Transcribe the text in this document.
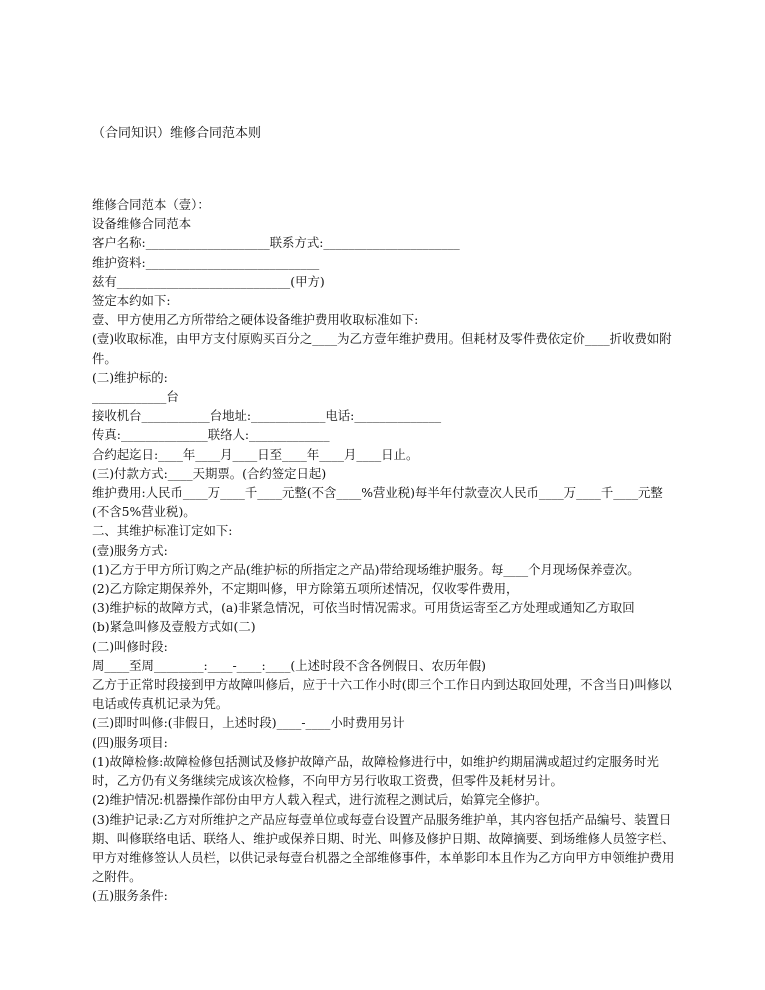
（合同知识）维修合同范本则

维修合同范本（壹）：

设备维修合同范本

客户名称:____________________联系方式:______________________

维护资料:____________________________

兹有____________________________(甲方)

签定本约如下:

壹、甲方使用乙方所带给之硬体设备维护费用收取标准如下:

(壹)收取标准，由甲方支付原购买百分之____为乙方壹年维护费用。但耗材及零件费依定价____折收费如附件。

(二)维护标的:

____________台

接收机台___________台地址:____________电话:______________

传真:______________联络人:_____________

合约起迄日:____年____月____日至____年____月____日止。

(三)付款方式:____天期票。(合约签定日起)

维护费用:人民币____万____千____元整(不含____%营业税)每半年付款壹次人民币____万____千____元整(不含5%营业税)。

二、其维护标准订定如下:

(壹)服务方式:

(1)乙方于甲方所订购之产品(维护标的所指定之产品)带给现场维护服务。每____个月现场保养壹次。

(2)乙方除定期保养外，不定期叫修，甲方除第五项所述情况，仅收零件费用，

(3)维护标的故障方式，(a)非紧急情况，可依当时情况需求。可用货运寄至乙方处理或通知乙方取回

(b)紧急叫修及壹般方式如(二)

(二)叫修时段:

周____至周________:____-____:____(上述时段不含各例假日、农历年假)

乙方于正常时段接到甲方故障叫修后，应于十六工作小时(即三个工作日内到达取回处理，不含当日)叫修以电话或传真机记录为凭。

(三)即时叫修:(非假日，上述时段)____-____小时费用另计

(四)服务项目:

(1)故障检修:故障检修包括测试及修护故障产品，故障检修进行中，如维护约期届满或超过约定服务时光时，乙方仍有义务继续完成该次检修，不向甲方另行收取工资费，但零件及耗材另计。

(2)维护情况:机器操作部份由甲方人载入程式，进行流程之测试后，始算完全修护。

(3)维护记录:乙方对所维护之产品应每壹单位或每壹台设置产品服务维护单，其内容包括产品编号、装置日期、叫修联络电话、联络人、维护或保养日期、时光、叫修及修护日期、故障摘要、到场维修人员签字栏、甲方对维修签认人员栏，以供记录每壹台机器之全部维修事件，本单影印本且作为乙方向甲方申领维护费用之附件。

(五)服务条件:
